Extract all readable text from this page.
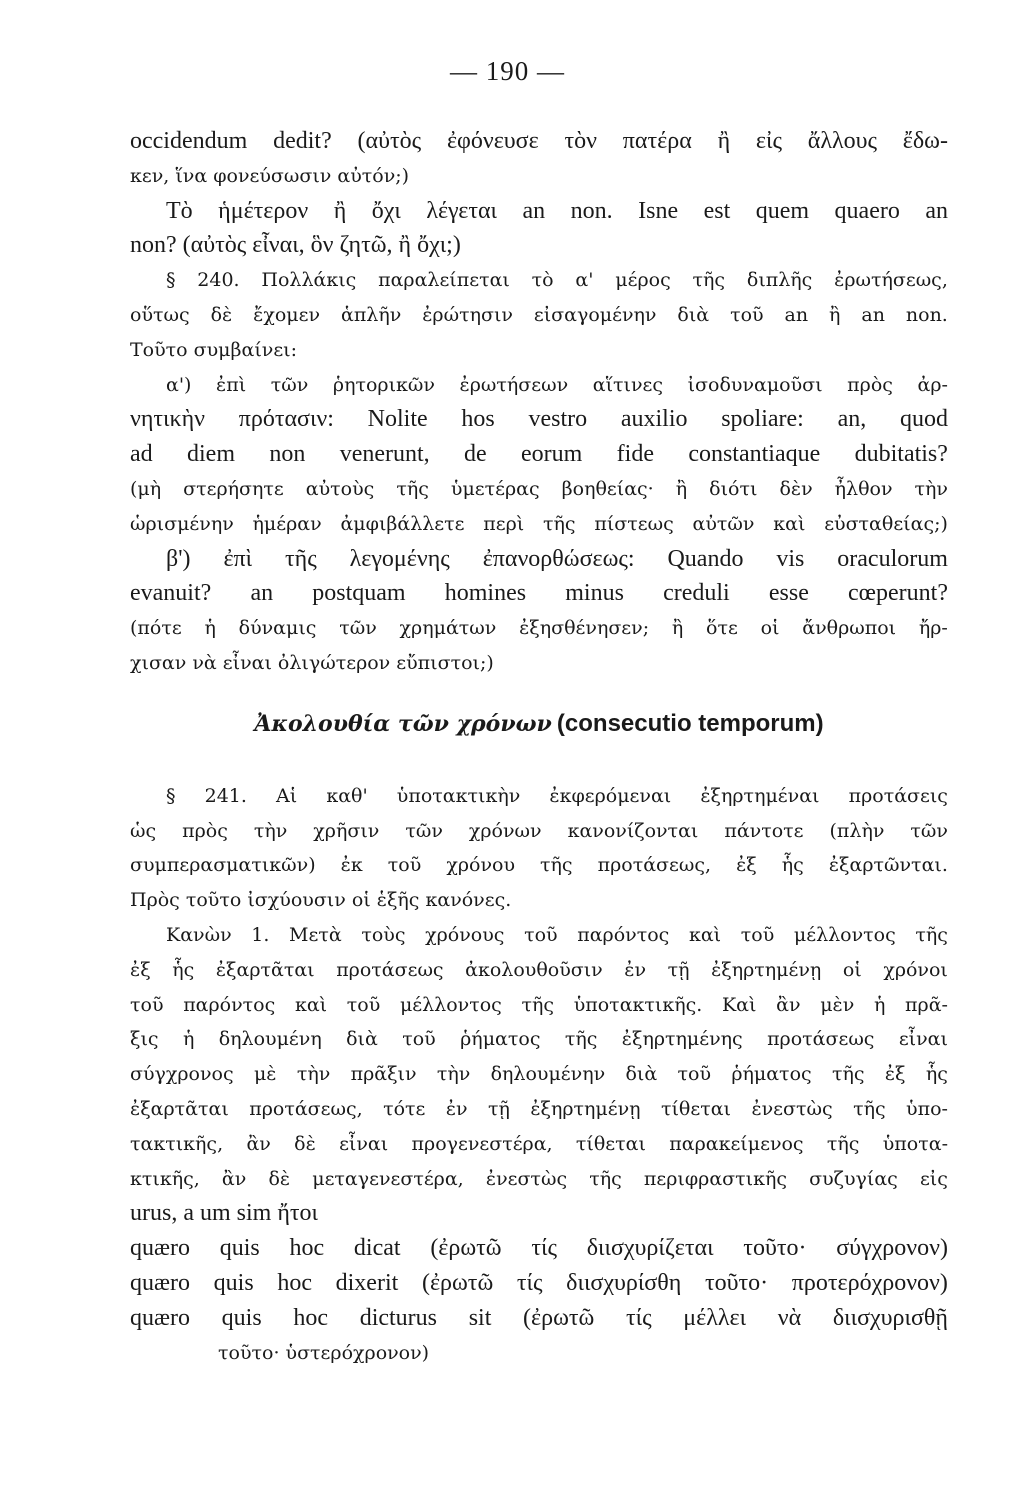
— 190 —
occidendum dedit? (αὐτὸς ἐφόνευσε τὸν πατέρα ἢ εἰς ἄλλους ἔδω-
κεν, ἵνα φονεύσωσιν αὐτόν;)
Τὸ ἡμέτερον ἢ ὄχι λέγεται an non. Isne est quem quaero an
non? (αὐτὸς εἶναι, ὃν ζητῶ, ἢ ὄχι;)
§ 240. Πολλάκις παραλείπεται τὸ α' μέρος τῆς διπλῆς ἐρωτήσεως,
οὕτως δὲ ἔχομεν ἁπλῆν ἐρώτησιν εἰσαγομένην διὰ τοῦ an ἢ an non.
Τοῦτο συμβαίνει:
α') ἐπὶ τῶν ῥητορικῶν ἐρωτήσεων αἵτινες ἰσοδυναμοῦσι πρὸς ἀρ-
νητικὴν πρότασιν: Nolite hos vestro auxilio spoliare: an, quod
ad diem non venerunt, de eorum fide constantiaque dubitatis?
(μὴ στερήσητε αὐτοὺς τῆς ὑμετέρας βοηθείας· ἢ διότι δὲν ἦλθον τὴν
ὡρισμένην ἡμέραν ἀμφιβάλλετε περὶ τῆς πίστεως αὐτῶν καὶ εὐσταθείας;)
β') ἐπὶ τῆς λεγομένης ἐπανορθώσεως: Quando vis oraculorum
evanuit? an postquam homines minus creduli esse cœperunt?
(πότε ἡ δύναμις τῶν χρημάτων ἐξησθένησεν; ἢ ὅτε οἱ ἄνθρωποι ἤρ-
χισαν νὰ εἶναι ὀλιγώτερον εὔπιστοι;)
Ἀκολουθία τῶν χρόνων (consecutio temporum)
§ 241. Αἱ καθ' ὑποτακτικὴν ἐκφερόμεναι ἐξηρτημέναι προτάσεις
ὡς πρὸς τὴν χρῆσιν τῶν χρόνων κανονίζονται πάντοτε (πλὴν τῶν
συμπερασματικῶν) ἐκ τοῦ χρόνου τῆς προτάσεως, ἐξ ἧς ἐξαρτῶνται.
Πρὸς τοῦτο ἰσχύουσιν οἱ ἑξῆς κανόνες.
Κανὼν 1. Μετὰ τοὺς χρόνους τοῦ παρόντος καὶ τοῦ μέλλοντος τῆς
ἐξ ἧς ἐξαρτᾶται προτάσεως ἀκολουθοῦσιν ἐν τῇ ἐξηρτημένῃ οἱ χρόνοι
τοῦ παρόντος καὶ τοῦ μέλλοντος τῆς ὑποτακτικῆς. Καὶ ἂν μὲν ἡ πρᾶ-
ξις ἡ δηλουμένη διὰ τοῦ ῥήματος τῆς ἐξηρτημένης προτάσεως εἶναι
σύγχρονος μὲ τὴν πρᾶξιν τὴν δηλουμένην διὰ τοῦ ῥήματος τῆς ἐξ ἧς
ἐξαρτᾶται προτάσεως, τότε ἐν τῇ ἐξηρτημένῃ τίθεται ἐνεστὼς τῆς ὑπο-
τακτικῆς, ἂν δὲ εἶναι προγενεστέρα, τίθεται παρακείμενος τῆς ὑποτα-
κτικῆς, ἂν δὲ μεταγενεστέρα, ἐνεστὼς τῆς περιφραστικῆς συζυγίας εἰς
urus, a um sim ἤτοι
quæro quis hoc dicat (ἐρωτῶ τίς διισχυρίζεται τοῦτο· σύγχρονον)
quæro quis hoc dixerit (ἐρωτῶ τίς διισχυρίσθη τοῦτο· προτερόχρονον)
quæro quis hoc dicturus sit (ἐρωτῶ τίς μέλλει νὰ διισχυρισθῇ
τοῦτο· ὑστερόχρονον)
